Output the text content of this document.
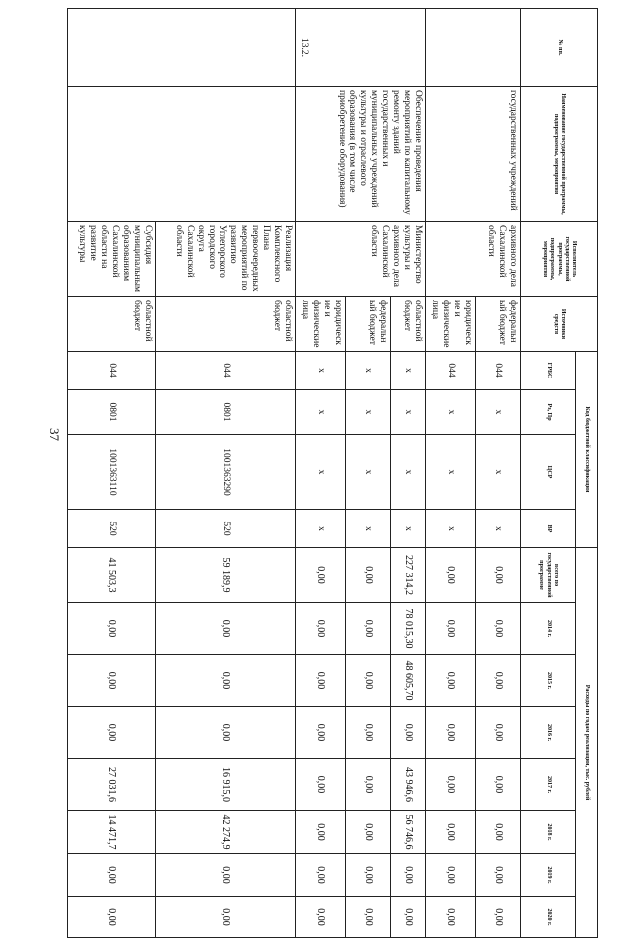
37
№ пп.	Наименование государственной программы, подпрограммы, мероприятия	Исполнитель государственной программы, подпрограммы, мероприятия	Источники средств	Код бюджетной классификации				Расходы по годам реализации, тыс. рублей							
				ГРБС	Рз, Пр	ЦСР	ВР	всего по государственной программе	2014 г.	2015 г.	2016 г.	2017 г.	2018 г.	2019 г.	2020 г.
	государственных учреждений	архивного дела Сахалинской области	федеральный бюджет	044	x	x	x	0,00	0,00	0,00	0,00	0,00	0,00	0,00	0,00
			юридические и физические лица	044	x	x	x	0,00	0,00	0,00	0,00	0,00	0,00	0,00	0,00
13.2.	Обеспечение проведения мероприятий по капитальному ремонту зданий государственных и муниципальных учреждений культуры и отраслевого образования (в том числе приобретение оборудования)	Министерство культуры и архивного дела Сахалинской области	областной бюджет	x	x	x	x	227 314,2	78 015,30	48 605,70	0,00	43 946,6	56 746,6	0,00	0,00
			федеральный бюджет	x	x	x	x	0,00	0,00	0,00	0,00	0,00	0,00	0,00	0,00
			юридические и физические лица	x	x	x	x	0,00	0,00	0,00	0,00	0,00	0,00	0,00	0,00
		Реализация Комплексного Плана первоочередных мероприятий по развитию Углегорского городского округа Сахалинской области	областной бюджет	044	0801	1001363290	520	59 189,9	0,00	0,00	0,00	16 915,0	42 274,9	0,00	0,00
		Субсидия муниципальным образованиям Сахалинской области на развитие культуры	областной бюджет	044	0801	1001363110	520	41 503,3	0,00	0,00	0,00	27 031,6	14 471,7	0,00	0,00
